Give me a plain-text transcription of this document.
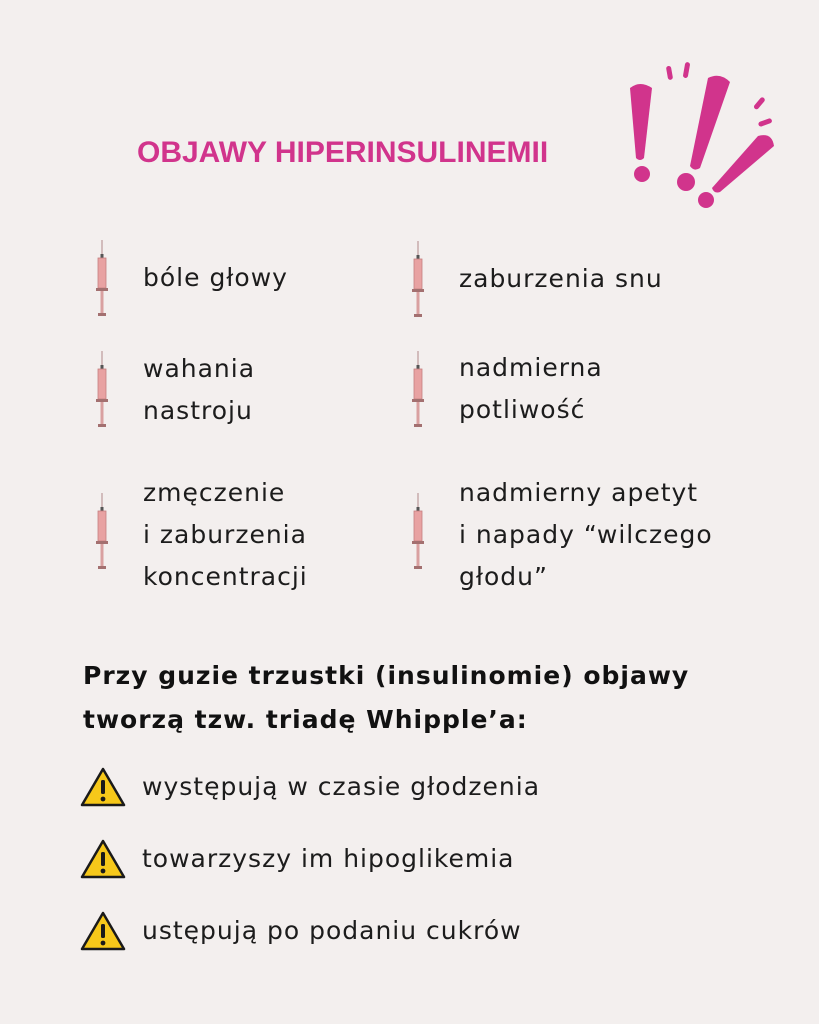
OBJAWY HIPERINSULINEMII
bóle głowy	zaburzenia snu
wahania
nastroju
nadmierna
potliwość
zmęczenie
i zaburzenia
koncentracji
nadmierny apetyt
i napady “wilczego
głodu”
Przy guzie trzustki (insulinomie) objawy tworzą tzw. triadę Whipple’a:
występują w czasie głodzenia
towarzyszy im hipoglikemia
ustępują po podaniu cukrów
